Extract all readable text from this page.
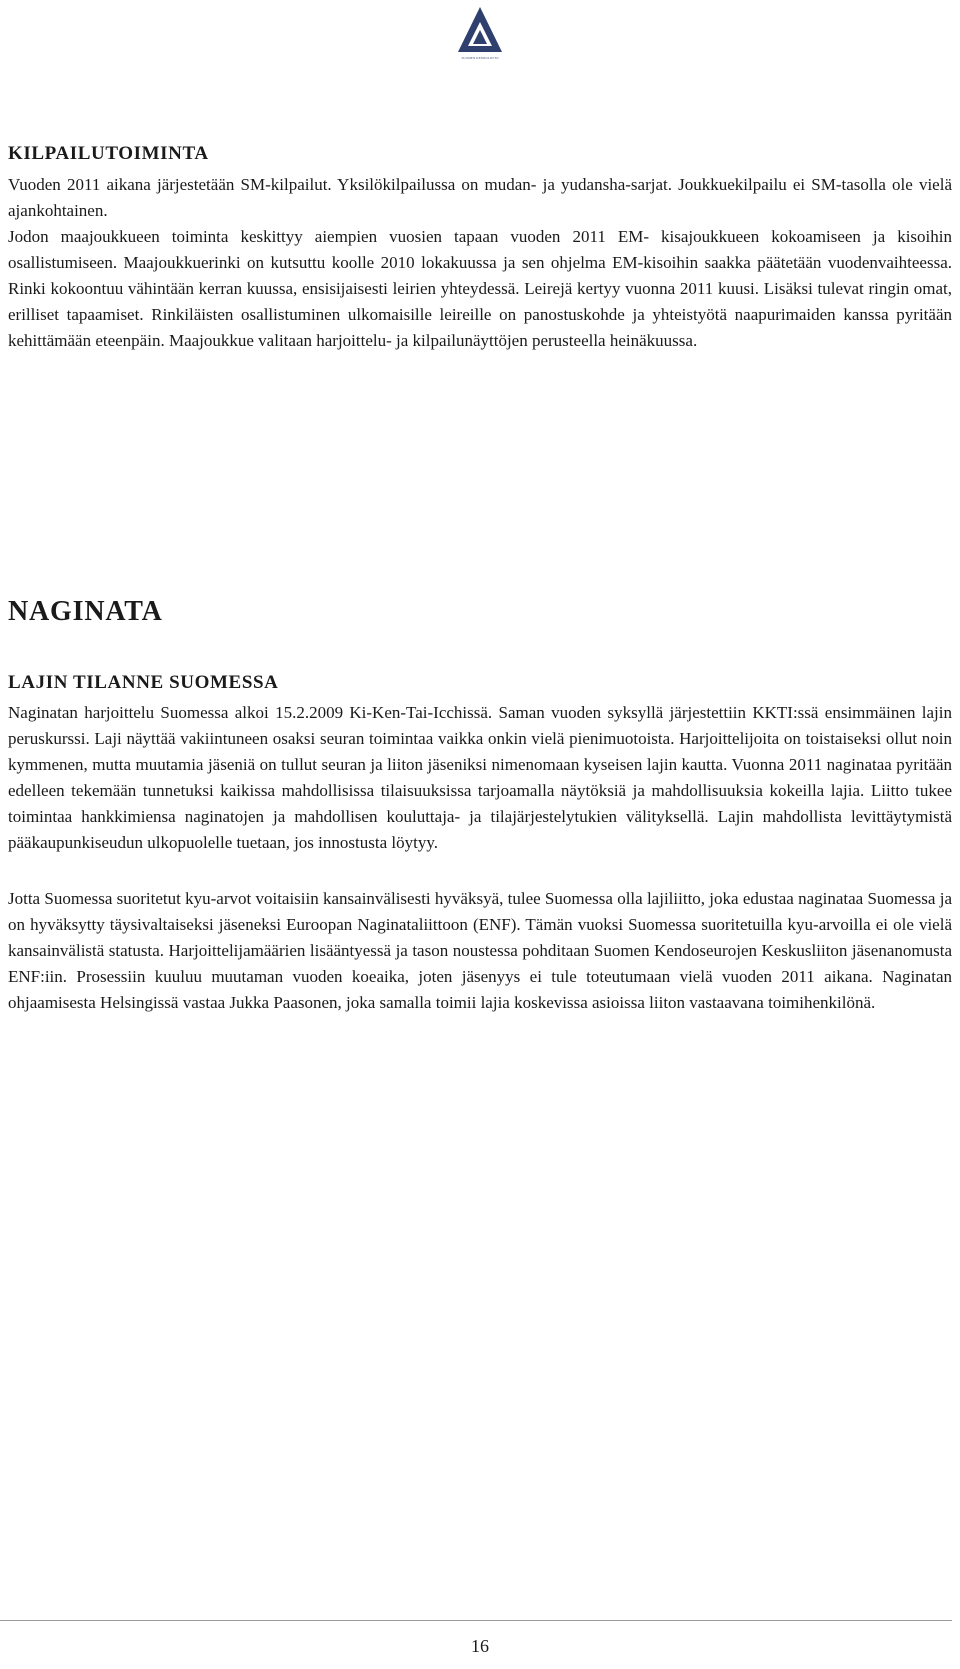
SUOMEN KENDOLIITTO
KILPAILUTOIMINTA

Vuoden 2011 aikana järjestetään SM-kilpailut. Yksilökilpailussa on mudan- ja yudansha-sarjat. Joukkuekilpailu ei SM-tasolla ole vielä ajankohtainen.

Jodon maajoukkueen toiminta keskittyy aiempien vuosien tapaan vuoden 2011 EM- kisajoukkueen kokoamiseen ja kisoihin osallistumiseen. Maajoukkuerinki on kutsuttu koolle 2010 lokakuussa ja sen ohjelma EM-kisoihin saakka päätetään vuodenvaihteessa. Rinki kokoontuu vähintään kerran kuussa, ensisijaisesti leirien yhteydessä. Leirejä kertyy vuonna 2011 kuusi. Lisäksi tulevat ringin omat, erilliset tapaamiset. Rinkiläisten osallistuminen ulkomaisille leireille on panostuskohde ja yhteistyötä naapurimaiden kanssa pyritään kehittämään eteenpäin. Maajoukkue valitaan harjoittelu- ja kilpailunäyttöjen perusteella heinäkuussa.

NAGINATA
LAJIN TILANNE SUOMESSA

Naginatan harjoittelu Suomessa alkoi 15.2.2009 Ki-Ken-Tai-Icchissä. Saman vuoden syksyllä järjestettiin KKTI:ssä ensimmäinen lajin peruskurssi. Laji näyttää vakiintuneen osaksi seuran toimintaa vaikka onkin vielä pienimuotoista. Harjoittelijoita on toistaiseksi ollut noin kymmenen, mutta muutamia jäseniä on tullut seuran ja liiton jäseniksi nimenomaan kyseisen lajin kautta. Vuonna 2011 naginataa pyritään edelleen tekemään tunnetuksi kaikissa mahdollisissa tilaisuuksissa tarjoamalla näytöksiä ja mahdollisuuksia kokeilla lajia. Liitto tukee toimintaa hankkimiensa naginatojen ja mahdollisen kouluttaja- ja tilajärjestelytukien välityksellä. Lajin mahdollista levittäytymistä pääkaupunkiseudun ulkopuolelle tuetaan, jos innostusta löytyy.

Jotta Suomessa suoritetut kyu-arvot voitaisiin kansainvälisesti hyväksyä, tulee Suomessa olla lajiliitto, joka edustaa naginataa Suomessa ja on hyväksytty täysivaltaiseksi jäseneksi Euroopan Naginataliittoon (ENF). Tämän vuoksi Suomessa suoritetuilla kyu-arvoilla ei ole vielä kansainvälistä statusta. Harjoittelijamäärien lisääntyessä ja tason noustessa pohditaan Suomen Kendoseurojen Keskusliiton jäsenanomusta ENF:iin. Prosessiin kuuluu muutaman vuoden koeaika, joten jäsenyys ei tule toteutumaan vielä vuoden 2011 aikana. Naginatan ohjaamisesta Helsingissä vastaa Jukka Paasonen, joka samalla toimii lajia koskevissa asioissa liiton vastaavana toimihenkilönä.

16
